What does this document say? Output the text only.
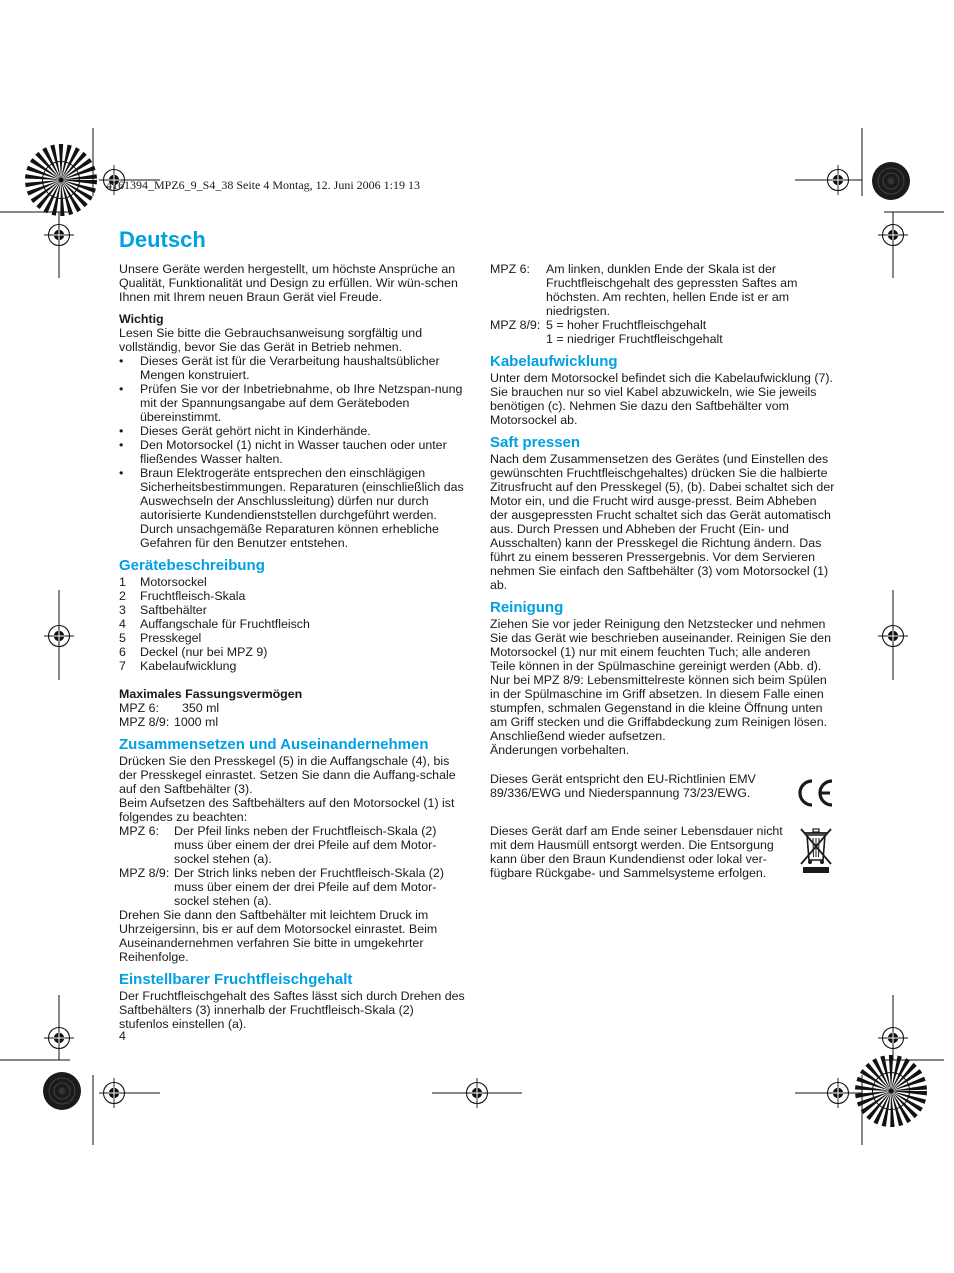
4161394_MPZ6_9_S4_38 Seite 4 Montag, 12. Juni 2006 1:19 13

Deutsch

Unsere Geräte werden hergestellt, um höchste Ansprüche an Qualität, Funktionalität und Design zu erfüllen. Wir wün-schen Ihnen mit Ihrem neuen Braun Gerät viel Freude.

Wichtig

Lesen Sie bitte die Gebrauchsanweisung sorgfältig und vollständig, bevor Sie das Gerät in Betrieb nehmen.

• Dieses Gerät ist für die Verarbeitung haushaltsüblicher Mengen konstruiert.
• Prüfen Sie vor der Inbetriebnahme, ob Ihre Netzspan-nung mit der Spannungsangabe auf dem Geräteboden übereinstimmt.
• Dieses Gerät gehört nicht in Kinderhände.
• Den Motorsockel (1) nicht in Wasser tauchen oder unter fließendes Wasser halten.
• Braun Elektrogeräte entsprechen den einschlägigen Sicherheitsbestimmungen. Reparaturen (einschließlich das Auswechseln der Anschlussleitung) dürfen nur durch autorisierte Kundendienststellen durchgeführt werden. Durch unsachgemäße Reparaturen können erhebliche Gefahren für den Benutzer entstehen.
Gerätebeschreibung
1 Motorsockel
2 Fruchtfleisch-Skala
3 Saftbehälter
4 Auffangschale für Fruchtfleisch
5 Presskegel
6 Deckel (nur bei MPZ 9)
7 Kabelaufwicklung
Maximales Fassungsvermögen
MPZ 6:	350 ml
MPZ 8/9: 1000 ml
Zusammensetzen und Auseinandernehmen

Drücken Sie den Presskegel (5) in die Auffangschale (4), bis der Presskegel einrastet. Setzen Sie dann die Auffang-schale auf den Saftbehälter (3).

Beim Aufsetzen des Saftbehälters auf den Motorsockel (1) ist folgendes zu beachten:

MPZ 6:	Der Pfeil links neben der Fruchtfleisch-Skala (2) muss über einem der drei Pfeile auf dem Motor-sockel stehen (a).
MPZ 8/9: Der Strich links neben der Fruchtfleisch-Skala (2) muss über einem der drei Pfeile auf dem Motor-sockel stehen (a).

Drehen Sie dann den Saftbehälter mit leichtem Druck im Uhrzeigersinn, bis er auf dem Motorsockel einrastet. Beim Auseinandernehmen verfahren Sie bitte in umgekehrter Reihenfolge.

Einstellbarer Fruchtfleischgehalt

Der Fruchtfleischgehalt des Saftes lässt sich durch Drehen des Saftbehälters (3) innerhalb der Fruchtfleisch-Skala (2) stufenlos einstellen (a).

4

MPZ 6:	Am linken, dunklen Ende der Skala ist der Fruchtfleischgehalt des gepressten Saftes am höchsten. Am rechten, hellen Ende ist er am niedrigsten.
MPZ 8/9: 5 = hoher Fruchtfleischgehalt
1 = niedriger Fruchtfleischgehalt
Kabelaufwicklung

Unter dem Motorsockel befindet sich die Kabelaufwicklung (7). Sie brauchen nur so viel Kabel abzuwickeln, wie Sie jeweils benötigen (c). Nehmen Sie dazu den Saftbehälter vom Motorsockel ab.

Saft pressen

Nach dem Zusammensetzen des Gerätes (und Einstellen des gewünschten Fruchtfleischgehaltes) drücken Sie die halbierte Zitrusfrucht auf den Presskegel (5), (b). Dabei schaltet sich der Motor ein, und die Frucht wird ausge-presst. Beim Abheben der ausgepressten Frucht schaltet sich das Gerät automatisch aus. Durch Pressen und Abheben der Frucht (Ein- und Ausschalten) kann der Presskegel die Richtung ändern. Das führt zu einem besseren Pressergebnis. Vor dem Servieren nehmen Sie einfach den Saftbehälter (3) vom Motorsockel (1) ab.

Reinigung

Ziehen Sie vor jeder Reinigung den Netzstecker und nehmen Sie das Gerät wie beschrieben auseinander. Reinigen Sie den Motorsockel (1) nur mit einem feuchten Tuch; alle anderen Teile können in der Spülmaschine gereinigt werden (Abb. d).

Nur bei MPZ 8/9: Lebensmittelreste können sich beim Spülen in der Spülmaschine im Griff absetzen. In diesem Falle einen stumpfen, schmalen Gegenstand in die kleine Öffnung unten am Griff stecken und die Griffabdeckung zum Reinigen lösen. Anschließend wieder aufsetzen.

Änderungen vorbehalten.

Dieses Gerät entspricht den EU-Richtlinien EMV 89/336/EWG und Niederspannung 73/23/EWG.

Dieses Gerät darf am Ende seiner Lebensdauer nicht mit dem Hausmüll entsorgt werden. Die Entsorgung kann über den Braun Kundendienst oder lokal ver-fügbare Rückgabe- und Sammelsysteme erfolgen.
